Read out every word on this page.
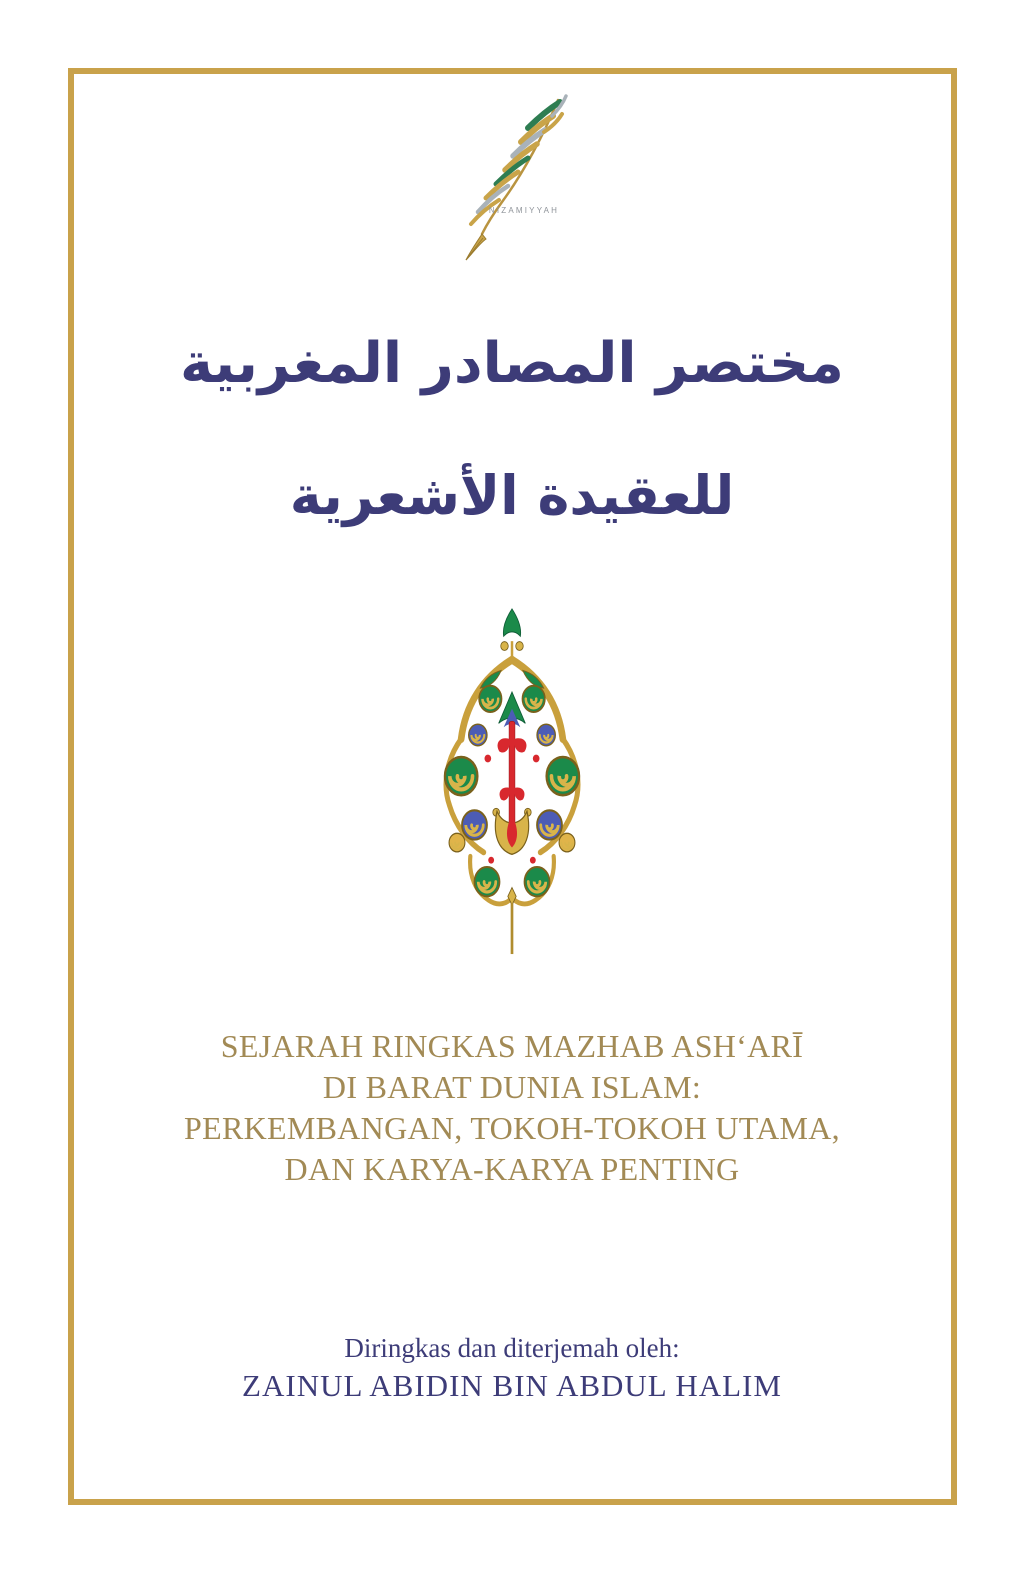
NIZAMIYYAH
مختصر المصادر المغربية
للعقيدة الأشعرية
SEJARAH RINGKAS MAZHAB ASH‘ARĪ
DI BARAT DUNIA ISLAM:
PERKEMBANGAN, TOKOH-TOKOH UTAMA,
DAN KARYA-KARYA PENTING
Diringkas dan diterjemah oleh:
ZAINUL ABIDIN BIN ABDUL HALIM
